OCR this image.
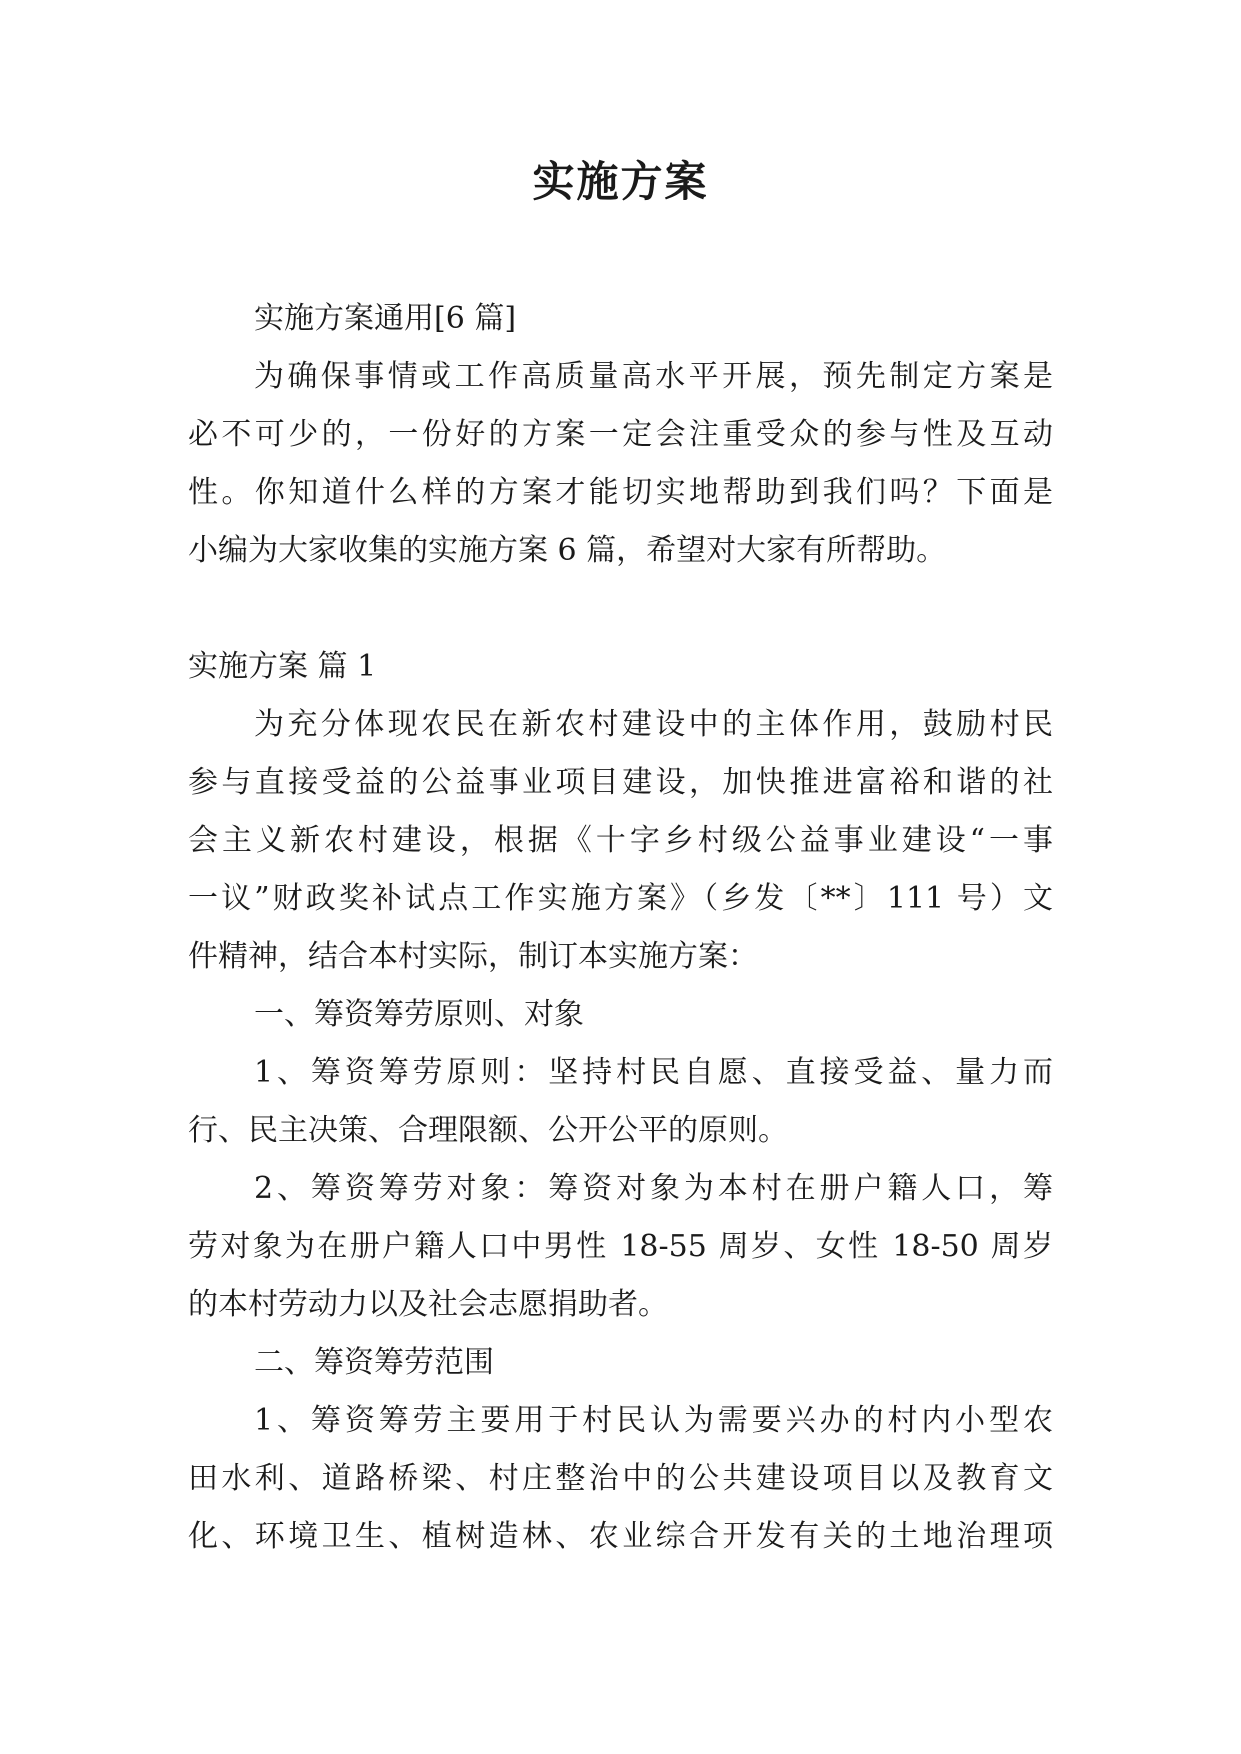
实施方案
实施方案通用[6 篇]
为确保事情或工作高质量高水平开展，预先制定方案是
必不可少的，一份好的方案一定会注重受众的参与性及互动
性。你知道什么样的方案才能切实地帮助到我们吗？下面是
小编为大家收集的实施方案 6 篇，希望对大家有所帮助。
实施方案 篇 1
为充分体现农民在新农村建设中的主体作用，鼓励村民
参与直接受益的公益事业项目建设，加快推进富裕和谐的社
会主义新农村建设，根据《十字乡村级公益事业建设“一事
一议”财政奖补试点工作实施方案》（乡发〔**〕111 号）文
件精神，结合本村实际，制订本实施方案：
一、筹资筹劳原则、对象
1、筹资筹劳原则：坚持村民自愿、直接受益、量力而
行、民主决策、合理限额、公开公平的原则。
2、筹资筹劳对象：筹资对象为本村在册户籍人口，筹
劳对象为在册户籍人口中男性 18-55 周岁、女性 18-50 周岁
的本村劳动力以及社会志愿捐助者。
二、筹资筹劳范围
1、筹资筹劳主要用于村民认为需要兴办的村内小型农
田水利、道路桥梁、村庄整治中的公共建设项目以及教育文
化、环境卫生、植树造林、农业综合开发有关的土地治理项
